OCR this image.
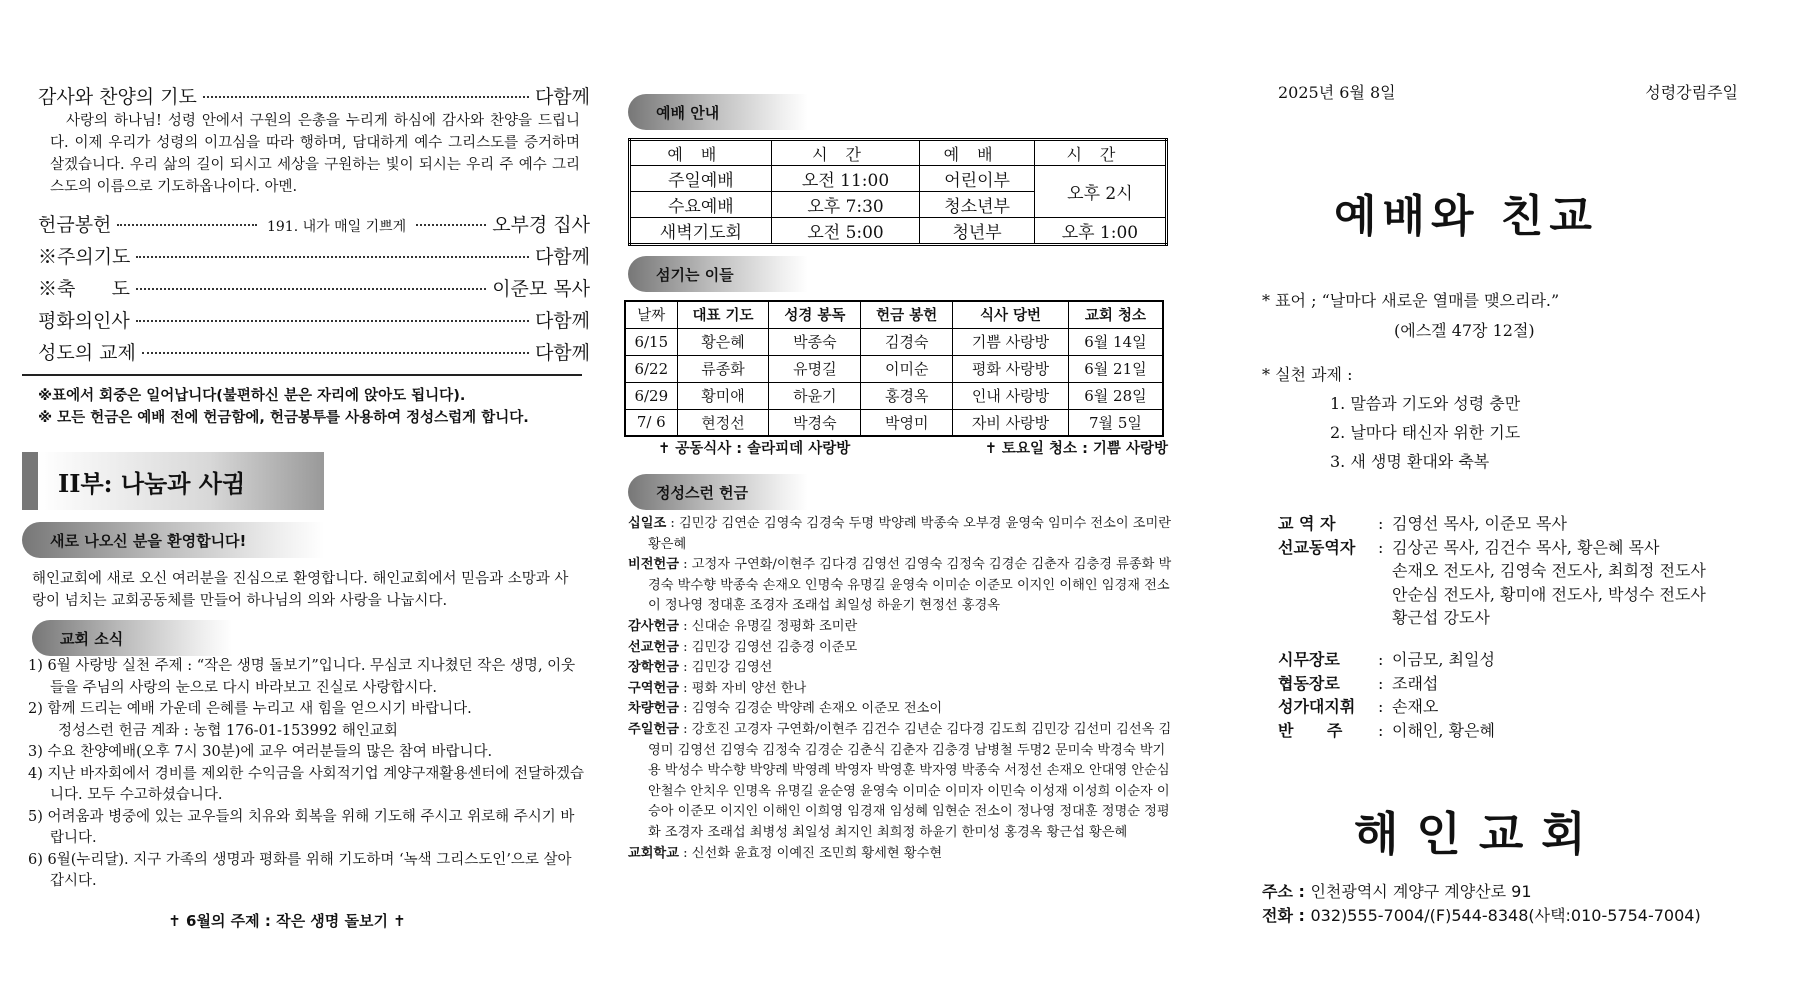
감사와 찬양의 기도	다함께

사랑의 하나님! 성령 안에서 구원의 은총을 누리게 하심에 감사와 찬양을 드립니다. 이제 우리가 성령의 이끄심을 따라 행하며, 담대하게 예수 그리스도를 증거하며 살겠습니다. 우리 삶의 길이 되시고 세상을 구원하는 빛이 되시는 우리 주 예수 그리스도의 이름으로 기도하옵나이다. 아멘.

헌금봉헌	191. 내가 매일 기쁘게	오부경 집사
※주의기도	다함께
※축      도	이준모 목사
평화의인사	다함께
성도의 교제	다함께
※표에서 회중은 일어납니다(불편하신 분은 자리에 앉아도 됩니다).
※ 모든 헌금은 예배 전에 헌금함에, 헌금봉투를 사용하여 정성스럽게 합니다.
II부: 나눔과 사귐
새로 나오신 분을 환영합니다!

해인교회에 새로 오신 여러분을 진심으로 환영합니다. 해인교회에서 믿음과 소망과 사랑이 넘치는 교회공동체를 만들어 하나님의 의와 사랑을 나눕시다.

교회 소식
1) 6월 사랑방 실천 주제 : “작은 생명 돌보기”입니다. 무심코 지나쳤던 작은 생명, 이웃들을 주님의 사랑의 눈으로 다시 바라보고 진실로 사랑합시다.
2) 함께 드리는 예배 가운데 은혜를 누리고 새 힘을 얻으시기 바랍니다.
정성스런 헌금 계좌 : 농협 176-01-153992 해인교회
3) 수요 찬양예배(오후 7시 30분)에 교우 여러분들의 많은 참여 바랍니다.
4) 지난 바자회에서 경비를 제외한 수익금을 사회적기업 계양구재활용센터에 전달하겠습니다. 모두 수고하셨습니다.
5) 어려움과 병중에 있는 교우들의 치유와 회복을 위해 기도해 주시고 위로해 주시기 바랍니다.
6) 6월(누리달). 지구 가족의 생명과 평화를 위해 기도하며 ‘녹색 그리스도인’으로 살아갑시다.
✝ 6월의 주제 : 작은 생명 돌보기 ✝
예배 안내
예배	시간	예배	시간
주일예배	오전 11:00	어린이부	오후 2시
수요예배	오후 7:30	청소년부	
새벽기도회	오전 5:00	청년부	오후 1:00
섬기는 이들
날짜	대표 기도	성경 봉독	헌금 봉헌	식사 당번	교회 청소
6/15	황은혜	박종숙	김경숙	기쁨 사랑방	6월 14일
6/22	류종화	유명길	이미순	평화 사랑방	6월 21일
6/29	황미애	하윤기	홍경옥	인내 사랑방	6월 28일
7/ 6	현정선	박경숙	박영미	자비 사랑방	7월 5일
✝ 공동식사 : 솔라피데 사랑방	✝ 토요일 청소 : 기쁨 사랑방
정성스런 헌금
십일조 : 김민강 김연순 김영숙 김경숙 두명 박양례 박종숙 오부경 윤영숙 임미수 전소이 조미란 황은혜
비전헌금 : 고정자 구연화/이현주 김다경 김영선 김영숙 김정숙 김경순 김춘자 김충경 류종화 박경숙 박수향 박종숙 손재오 인명숙 유명길 윤영숙 이미순 이준모 이지인 이해인 임경재 전소이 정나영 정대훈 조경자 조래섭 최일성 하윤기 현정선 홍경옥
감사헌금 : 신대순 유명길 정평화 조미란
선교헌금 : 김민강 김영선 김충경 이준모
장학헌금 : 김민강 김영선
구역헌금 : 평화 자비 양선 한나
차량헌금 : 김영숙 김경순 박양례 손재오 이준모 전소이
주일헌금 : 강호진 고경자 구연화/이현주 김건수 김년순 김다경 김도희 김민강 김선미 김선옥 김영미 김영선 김영숙 김정숙 김경순 김춘식 김춘자 김충경 남병철 두명2 문미숙 박경숙 박기용 박성수 박수향 박양례 박영례 박영자 박영훈 박자영 박종숙 서정선 손재오 안대영 안순심 안철수 안치우 인명옥 유명길 윤순영 윤영숙 이미순 이미자 이민숙 이성재 이성희 이순자 이승아 이준모 이지인 이해인 이희영 임경재 임성혜 임현순 전소이 정나영 정대훈 정명순 정평화 조경자 조래섭 최병성 최일성 최지인 최희정 하윤기 한미성 홍경옥 황근섭 황은혜
교회학교 : 신선화 윤효정 이예진 조민희 황세현 황수현
2025년 6월 8일	성령강림주일
예배와 친교
* 표어 ; “날마다 새로운 열매를 맺으리라.”
(에스겔 47장 12절)
* 실천 과제 :
1. 말씀과 기도와 성령 충만
2. 날마다 태신자 위한 기도
3. 새 생명 환대와 축복
교 역 자	: 김영선 목사, 이준모 목사
선교동역자	: 김상곤 목사, 김건수 목사, 황은혜 목사
손재오 전도사, 김영숙 전도사, 최희정 전도사
안순심 전도사, 황미애 전도사, 박성수 전도사
황근섭 강도사
시무장로	: 이금모, 최일성
협동장로	: 조래섭
성가대지휘	: 손재오
반      주	: 이해인, 황은혜
해인교회
주소 : 인천광역시 계양구 계양산로 91
전화 : 032)555-7004/(F)544-8348(사택:010-5754-7004)
